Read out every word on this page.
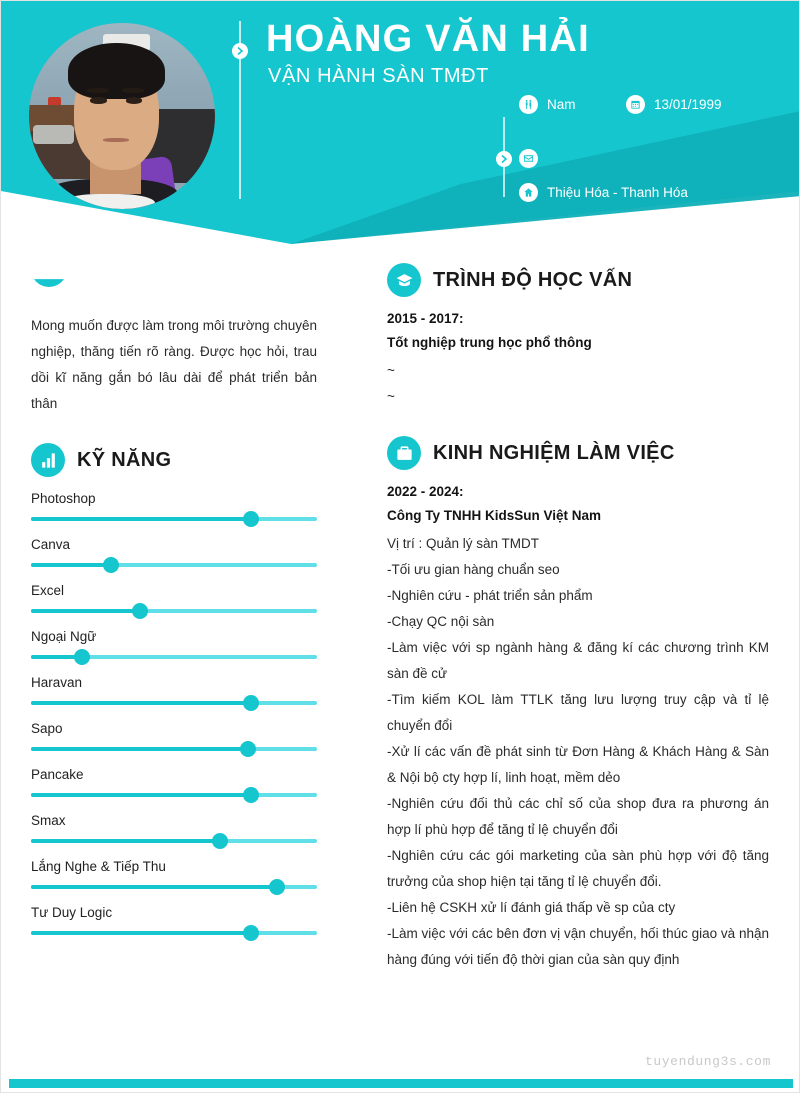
HOÀNG VĂN HẢI
VẬN HÀNH SÀN TMĐT
Nam	13/01/1999
Thiệu Hóa - Thanh Hóa
Mong muốn được làm trong môi trường chuyên nghiệp, thăng tiến rõ ràng. Được học hỏi, trau dồi kĩ năng gắn bó lâu dài để phát triển bản thân
KỸ NĂNG
Photoshop
Canva
Excel
Ngoại Ngữ
Haravan
Sapo
Pancake
Smax
Lắng Nghe & Tiếp Thu
Tư Duy Logic
TRÌNH ĐỘ HỌC VẤN
2015 - 2017:
Tốt nghiệp trung học phổ thông
~
~
KINH NGHIỆM LÀM VIỆC
2022 - 2024:
Công Ty TNHH KidsSun Việt Nam
Vị trí : Quản lý sàn TMDT
-Tối ưu gian hàng chuẩn seo
-Nghiên cứu - phát triển sản phẩm
-Chạy QC nội sàn
-Làm việc với sp ngành hàng & đăng kí các chương trình KM sàn đề cử
-Tìm kiếm KOL làm TTLK tăng lưu lượng truy cập và tỉ lệ chuyển đổi
-Xử lí các vấn đề phát sinh từ Đơn Hàng & Khách Hàng & Sàn & Nội bộ cty hợp lí, linh hoạt, mềm dẻo
-Nghiên cứu đối thủ các chỉ số của shop đưa ra phương án hợp lí phù hợp để tăng tỉ lệ chuyển đổi
-Nghiên cứu các gói marketing của sàn phù hợp với độ tăng trưởng của shop hiện tại tăng tỉ lệ chuyển đổi.
-Liên hệ CSKH xử lí đánh giá thấp về sp của cty
-Làm việc với các bên đơn vị vận chuyển, hối thúc giao và nhận hàng đúng với tiến độ thời gian của sàn quy định
tuyendung3s.com
